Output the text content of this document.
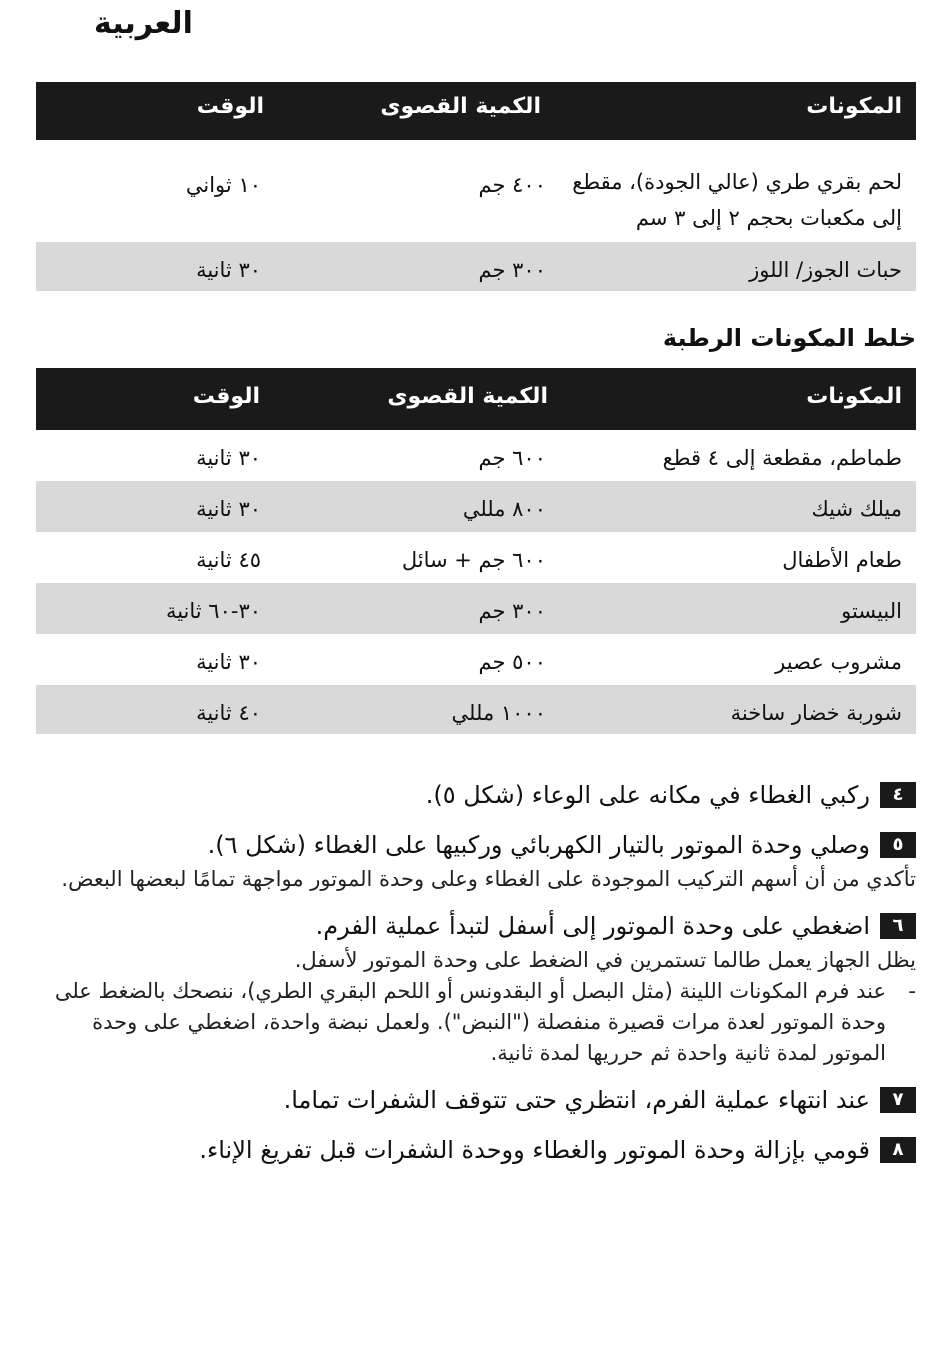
العربية
المكونات
الكمية القصوى
الوقت
لحم بقري طري (عالي الجودة)، مقطع
إلى مكعبات بحجم ٢ إلى ٣ سم
٤٠٠ جم
١٠ ثواني
حبات الجوز/ اللوز
٣٠٠ جم
٣٠ ثانية
خلط المكونات الرطبة
المكونات
الكمية القصوى
الوقت
طماطم، مقطعة إلى ٤ قطع
٦٠٠ جم
٣٠ ثانية
ميلك شيك
٨٠٠ مللي
٣٠ ثانية
طعام الأطفال
٦٠٠ جم + سائل
٤٥ ثانية
البيستو
٣٠٠ جم
٣٠-٦٠ ثانية
مشروب عصير
٥٠٠ جم
٣٠ ثانية
شوربة خضار ساخنة
١٠٠٠ مللي
٤٠ ثانية
٤
ركبي الغطاء في مكانه على الوعاء (شكل ٥).
٥
وصلي وحدة الموتور بالتيار الكهربائي وركبيها على الغطاء (شكل ٦).
تأكدي من أن أسهم التركيب الموجودة على الغطاء وعلى وحدة الموتور مواجهة تمامًا لبعضها البعض.
٦
اضغطي على وحدة الموتور إلى أسفل لتبدأ عملية الفرم.
يظل الجهاز يعمل طالما تستمرين في الضغط على وحدة الموتور لأسفل.
-
عند فرم المكونات اللينة (مثل البصل أو البقدونس أو اللحم البقري الطري)، ننصحك بالضغط على وحدة الموتور لعدة مرات قصيرة منفصلة ("النبض"). ولعمل نبضة واحدة، اضغطي على وحدة الموتور لمدة ثانية واحدة ثم حرريها لمدة ثانية.
٧
عند انتهاء عملية الفرم، انتظري حتى تتوقف الشفرات تماما.
٨
قومي بإزالة وحدة الموتور والغطاء ووحدة الشفرات قبل تفريغ الإناء.
